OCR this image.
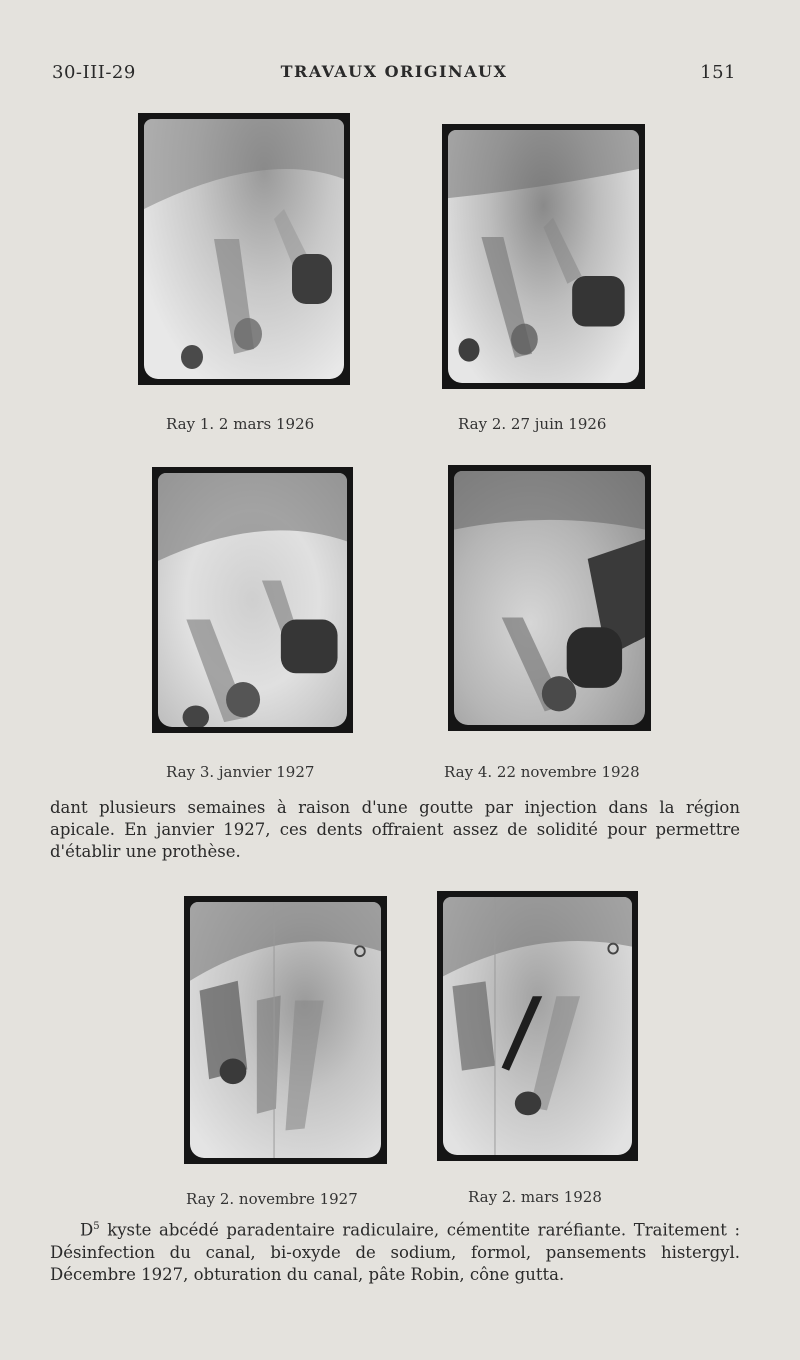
30-III-29	TRAVAUX ORIGINAUX	151
Ray 1. 2 mars 1926	Ray 2. 27 juin 1926
Ray 3. janvier 1927	Ray 4. 22 novembre 1928
dant plusieurs semaines à raison d'une goutte par injection dans la région apicale. En janvier 1927, ces dents offraient assez de solidité pour permettre d'établir une prothèse.
Ray 2. novembre 1927	Ray 2. mars 1928
$D^5$ kyste abcédé paradentaire radiculaire, cémentite raréfiante. Traitement : Désinfection du canal, bi-oxyde de sodium, formol, pansements histergyl. Décembre 1927, obturation du canal, pâte Robin, cône gutta.
